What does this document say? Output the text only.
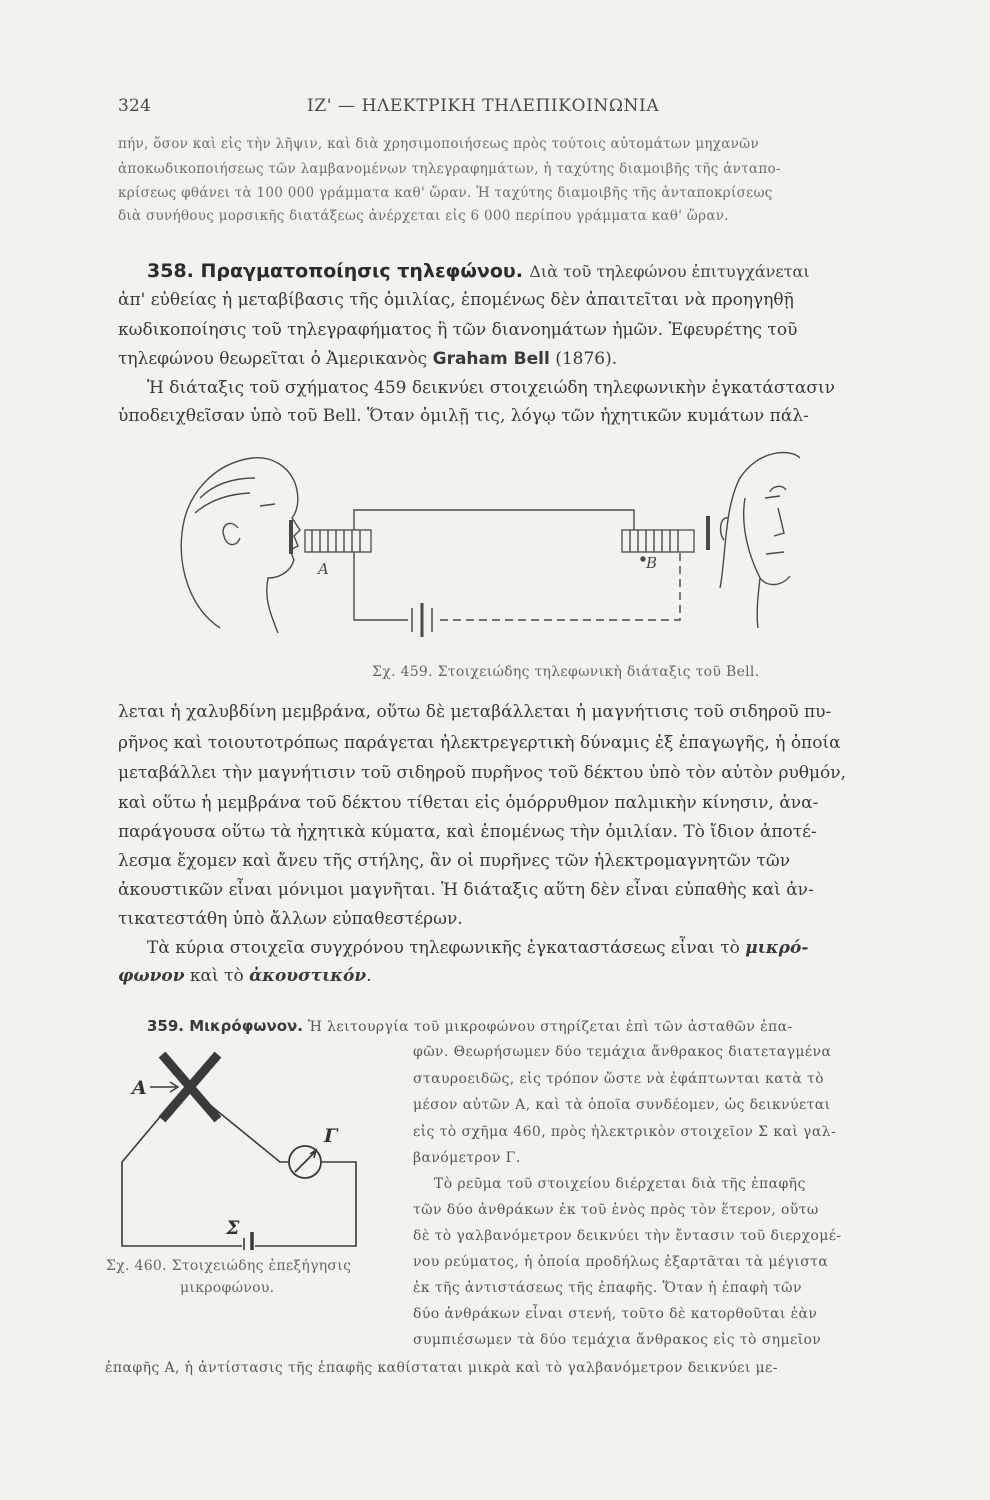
324	ΙΖ' — ΗΛΕΚΤΡΙΚΗ ΤΗΛΕΠΙΚΟΙΝΩΝΙΑ
πήν, ὅσον καὶ εἰς τὴν λῆψιν, καὶ διὰ χρησιμοποιήσεως πρὸς τούτοις αὐτομάτων μηχανῶν
ἀποκωδικοποιήσεως τῶν λαμβανομένων τηλεγραφημάτων, ἡ ταχύτης διαμοιβῆς τῆς ἀνταπο-
κρίσεως φθάνει τὰ 100 000 γράμματα καθ' ὥραν. Ἡ ταχύτης διαμοιβῆς τῆς ἀνταποκρίσεως
διὰ συνήθους μορσικῆς διατάξεως ἀνέρχεται εἰς 6 000 περίπου γράμματα καθ' ὥραν.
358. Πραγματοποίησις τηλεφώνου. Διὰ τοῦ τηλεφώνου ἐπιτυγχάνεται
ἀπ' εὐθείας ἡ μεταβίβασις τῆς ὁμιλίας, ἑπομένως δὲν ἀπαιτεῖται νὰ προηγηθῇ
κωδικοποίησις τοῦ τηλεγραφήματος ἢ τῶν διανοημάτων ἡμῶν. Ἐφευρέτης τοῦ
τηλεφώνου θεωρεῖται ὁ Ἀμερικανὸς Graham Bell (1876).
Ἡ διάταξις τοῦ σχήματος 459 δεικνύει στοιχειώδη τηλεφωνικὴν ἐγκατάστασιν
ὑποδειχθεῖσαν ὑπὸ τοῦ Bell. Ὅταν ὁμιλῇ τις, λόγῳ τῶν ἠχητικῶν κυμάτων πάλ-
A	B
Σχ. 459. Στοιχειώδης τηλεφωνικὴ διάταξις τοῦ Bell.
λεται ἡ χαλυβδίνη μεμβράνα, οὕτω δὲ μεταβάλλεται ἡ μαγνήτισις τοῦ σιδηροῦ πυ-
ρῆνος καὶ τοιουτοτρόπως παράγεται ἠλεκτρεγερτικὴ δύναμις ἐξ ἐπαγωγῆς, ἡ ὁποία
μεταβάλλει τὴν μαγνήτισιν τοῦ σιδηροῦ πυρῆνος τοῦ δέκτου ὑπὸ τὸν αὐτὸν ρυθμόν,
καὶ οὕτω ἡ μεμβράνα τοῦ δέκτου τίθεται εἰς ὁμόρρυθμον παλμικὴν κίνησιν, ἀνα-
παράγουσα οὕτω τὰ ἠχητικὰ κύματα, καὶ ἑπομένως τὴν ὁμιλίαν. Τὸ ἴδιον ἀποτέ-
λεσμα ἔχομεν καὶ ἄνευ τῆς στήλης, ἂν οἱ πυρῆνες τῶν ἠλεκτρομαγνητῶν τῶν
ἀκουστικῶν εἶναι μόνιμοι μαγνῆται. Ἡ διάταξις αὕτη δὲν εἶναι εὐπαθὴς καὶ ἀν-
τικατεστάθη ὑπὸ ἄλλων εὐπαθεστέρων.
Τὰ κύρια στοιχεῖα συγχρόνου τηλεφωνικῆς ἐγκαταστάσεως εἶναι τὸ μικρό-
φωνον καὶ τὸ ἀκουστικόν.
359. Μικρόφωνον. Ἡ λειτουργία τοῦ μικροφώνου στηρίζεται ἐπὶ τῶν ἀσταθῶν ἐπα-
φῶν. Θεωρήσωμεν δύο τεμάχια ἄνθρακος διατεταγμένα
σταυροειδῶς, εἰς τρόπον ὥστε νὰ ἐφάπτωνται κατὰ τὸ
μέσον αὐτῶν Α, καὶ τὰ ὁποῖα συνδέομεν, ὡς δεικνύεται
εἰς τὸ σχῆμα 460, πρὸς ἠλεκτρικὸν στοιχεῖον Σ καὶ γαλ-
βανόμετρον Γ.
Τὸ ρεῦμα τοῦ στοιχείου διέρχεται διὰ τῆς ἐπαφῆς
τῶν δύο ἀνθράκων ἐκ τοῦ ἑνὸς πρὸς τὸν ἕτερον, οὕτω
δὲ τὸ γαλβανόμετρον δεικνύει τὴν ἔντασιν τοῦ διερχομέ-
νου ρεύματος, ἡ ὁποία προδήλως ἐξαρτᾶται τὰ μέγιστα
ἐκ τῆς ἀντιστάσεως τῆς ἐπαφῆς. Ὅταν ἡ ἐπαφὴ τῶν
δύο ἀνθράκων εἶναι στενή, τοῦτο δὲ κατορθοῦται ἐὰν
συμπιέσωμεν τὰ δύο τεμάχια ἄνθρακος εἰς τὸ σημεῖον
ἐπαφῆς Α, ἡ ἀντίστασις τῆς ἐπαφῆς καθίσταται μικρὰ καὶ τὸ γαλβανόμετρον δεικνύει με-
Α
Γ
Σ
Σχ. 460. Στοιχειώδης ἐπεξήγησις
μικροφώνου.
